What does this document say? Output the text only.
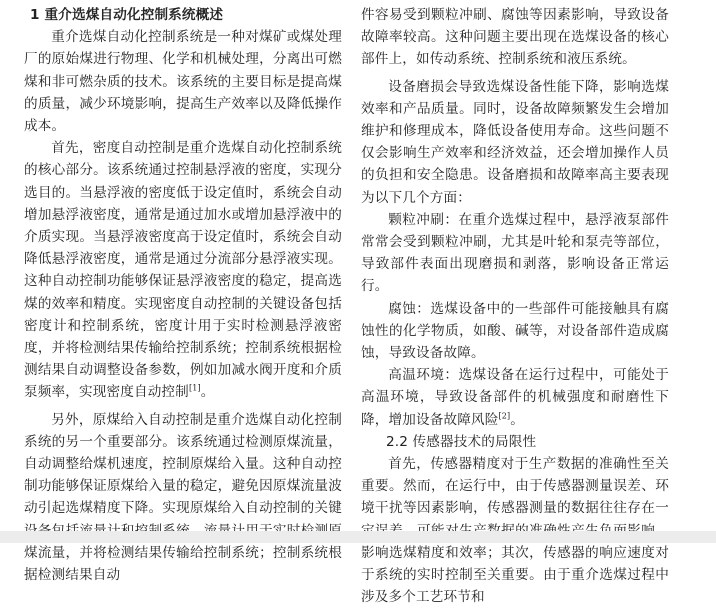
1 重介选煤自动化控制系统概述

重介选煤自动化控制系统是一种对煤矿或煤处理厂的原始煤进行物理、化学和机械处理，分离出可燃煤和非可燃杂质的技术。该系统的主要目标是提高煤的质量，减少环境影响，提高生产效率以及降低操作成本。

首先，密度自动控制是重介选煤自动化控制系统的核心部分。该系统通过控制悬浮液的密度，实现分选目的。当悬浮液的密度低于设定值时，系统会自动增加悬浮液密度，通常是通过加水或增加悬浮液中的介质实现。当悬浮液密度高于设定值时，系统会自动降低悬浮液密度，通常是通过分流部分悬浮液实现。这种自动控制功能够保证悬浮液密度的稳定，提高选煤的效率和精度。实现密度自动控制的关键设备包括密度计和控制系统，密度计用于实时检测悬浮液密度，并将检测结果传输给控制系统；控制系统根据检测结果自动调整设备参数，例如加减水阀开度和介质泵频率，实现密度自动控制[1]。

另外，原煤给入自动控制是重介选煤自动化控制系统的另一个重要部分。该系统通过检测原煤流量，自动调整给煤机速度，控制原煤给入量。这种自动控制功能够保证原煤给入量的稳定，避免因原煤流量波动引起选煤精度下降。实现原煤给入自动控制的关键 煤流量，并将检测结果传输给控制系统；控制系统根据检测结果自动

件容易受到颗粒冲刷、腐蚀等因素影响，导致设备故障率较高。这种问题主要出现在选煤设备的核心部件上，如传动系统、控制系统和液压系统。

设备磨损会导致选煤设备性能下降，影响选煤效率和产品质量。同时，设备故障频繁发生会增加维护和修理成本，降低设备使用寿命。这些问题不仅会影响生产效率和经济效益，还会增加操作人员的负担和安全隐患。设备磨损和故障率高主要表现为以下几个方面：

颗粒冲刷：在重介选煤过程中，悬浮液泵部件常常会受到颗粒冲刷，尤其是叶轮和泵壳等部位，导致部件表面出现磨损和剥落，影响设备正常运行。

腐蚀：选煤设备中的一些部件可能接触具有腐蚀性的化学物质，如酸、碱等，对设备部件造成腐蚀，导致设备故障。

高温环境：选煤设备在运行过程中，可能处于高温环境，导致设备部件的机械强度和耐磨性下降，增加设备故障风险[2]。

2.2 传感器技术的局限性

首先，传感器精度对于生产数据的准确性至关重要。然而，在运行中，由于传感器测量误差、环境干扰等因素影响，传感器测量的数据往往存在一 影响选煤精度和效率；其次，传感器的响应速度对于系统的实时控制至关重要。由于重介选煤过程中涉及多个工艺环节和
